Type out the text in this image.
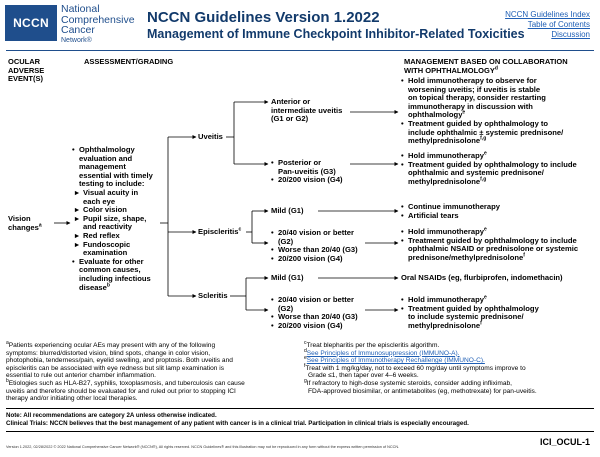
NCCN
National
Comprehensive
Cancer
Network®
NCCN Guidelines Version 1.2022
Management of Immune Checkpoint Inhibitor-Related Toxicities
NCCN Guidelines Index
Table of Contents
Discussion
OCULAR
ADVERSE
EVENT(S)
ASSESSMENT/GRADING	MANAGEMENT BASED ON COLLABORATION
WITH OPHTHALMOLOGY$^d$
Vision
changes$^a$
• Ophthalmology
evaluation and
management
essential with timely
testing to include:
▸ Visual acuity in
each eye
▸ Color vision
▸ Pupil size, shape,
and reactivity
▸ Red reflex
▸ Fundoscopic
examination
• Evaluate for other
common causes,
including infectious
disease$^b$
Uveitis
Episcleritis$^c$
Scleritis
Anterior or
intermediate uveitis
(G1 or G2)
• Posterior or
Pan-uveitis (G3)
• 20/200 vision (G4)
Mild (G1)
• 20/40 vision or better
(G2)
• Worse than 20/40 (G3)
• 20/200 vision (G4)
Mild (G1)
• 20/40 vision or better
(G2)
• Worse than 20/40 (G3)
• 20/200 vision (G4)
• Hold immunotherapy to observe for
worsening uveitis; if uveitis is stable
on topical therapy, consider restarting
immunotherapy in discussion with
ophthalmology$^e$
• Treatment guided by ophthalmology to
include ophthalmic ± systemic prednisone/
methylprednisolone$^{f,g}$
• Hold immunotherapy$^e$
• Treatment guided by ophthalmology to include
ophthalmic and systemic prednisone/
methylprednisolone$^{f,g}$
• Continue immunotherapy
• Artificial tears
• Hold immunotherapy$^e$
• Treatment guided by ophthalmology to include
ophthalmic NSAID or prednisolone or systemic
prednisone/methylprednisolone$^f$
Oral NSAIDs (eg, flurbiprofen, indomethacin)
• Hold immunotherapy$^e$
• Treatment guided by ophthalmology
to include systemic prednisone/
methylprednisolone$^f$
$^a$Patients experiencing ocular AEs may present with any of the following
symptoms: blurred/distorted vision, blind spots, change in color vision,
photophobia, tenderness/pain, eyelid swelling, and proptosis. Both uveitis and
episcleritis can be associated with eye redness but slit lamp examination is
essential to rule out anterior chamber inflammation.
$^b$Etiologies such as HLA-B27, syphilis, toxoplasmosis, and tuberculosis can cause
uveitis and therefore should be evaluated for and ruled out prior to stopping ICI
therapy and/or initiating other local therapies.
$^c$Treat blepharitis per the episcleritis algorithm.
$^d$See Principles of Immunosuppression (IMMUNO-A).
$^e$See Principles of Immunotherapy Rechallenge (IMMUNO-C).
$^f$Treat with 1 mg/kg/day, not to exceed 60 mg/day until symptoms improve to
Grade ≤1, then taper over 4–6 weeks.
$^g$If refractory to high-dose systemic steroids, consider adding infliximab,
FDA-approved biosimilar, or antimetabolites (eg, methotrexate) for pan-uveitis.
Note: All recommendations are category 2A unless otherwise indicated.
Clinical Trials: NCCN believes that the best management of any patient with cancer is in a clinical trial. Participation in clinical trials is especially encouraged.
Version 1.2022, 02/28/2022 © 2022 National Comprehensive Cancer Network® (NCCN®), All rights reserved. NCCN Guidelines® and this illustration may not be reproduced in any form without the express written permission of NCCN.	ICI_OCUL-1
